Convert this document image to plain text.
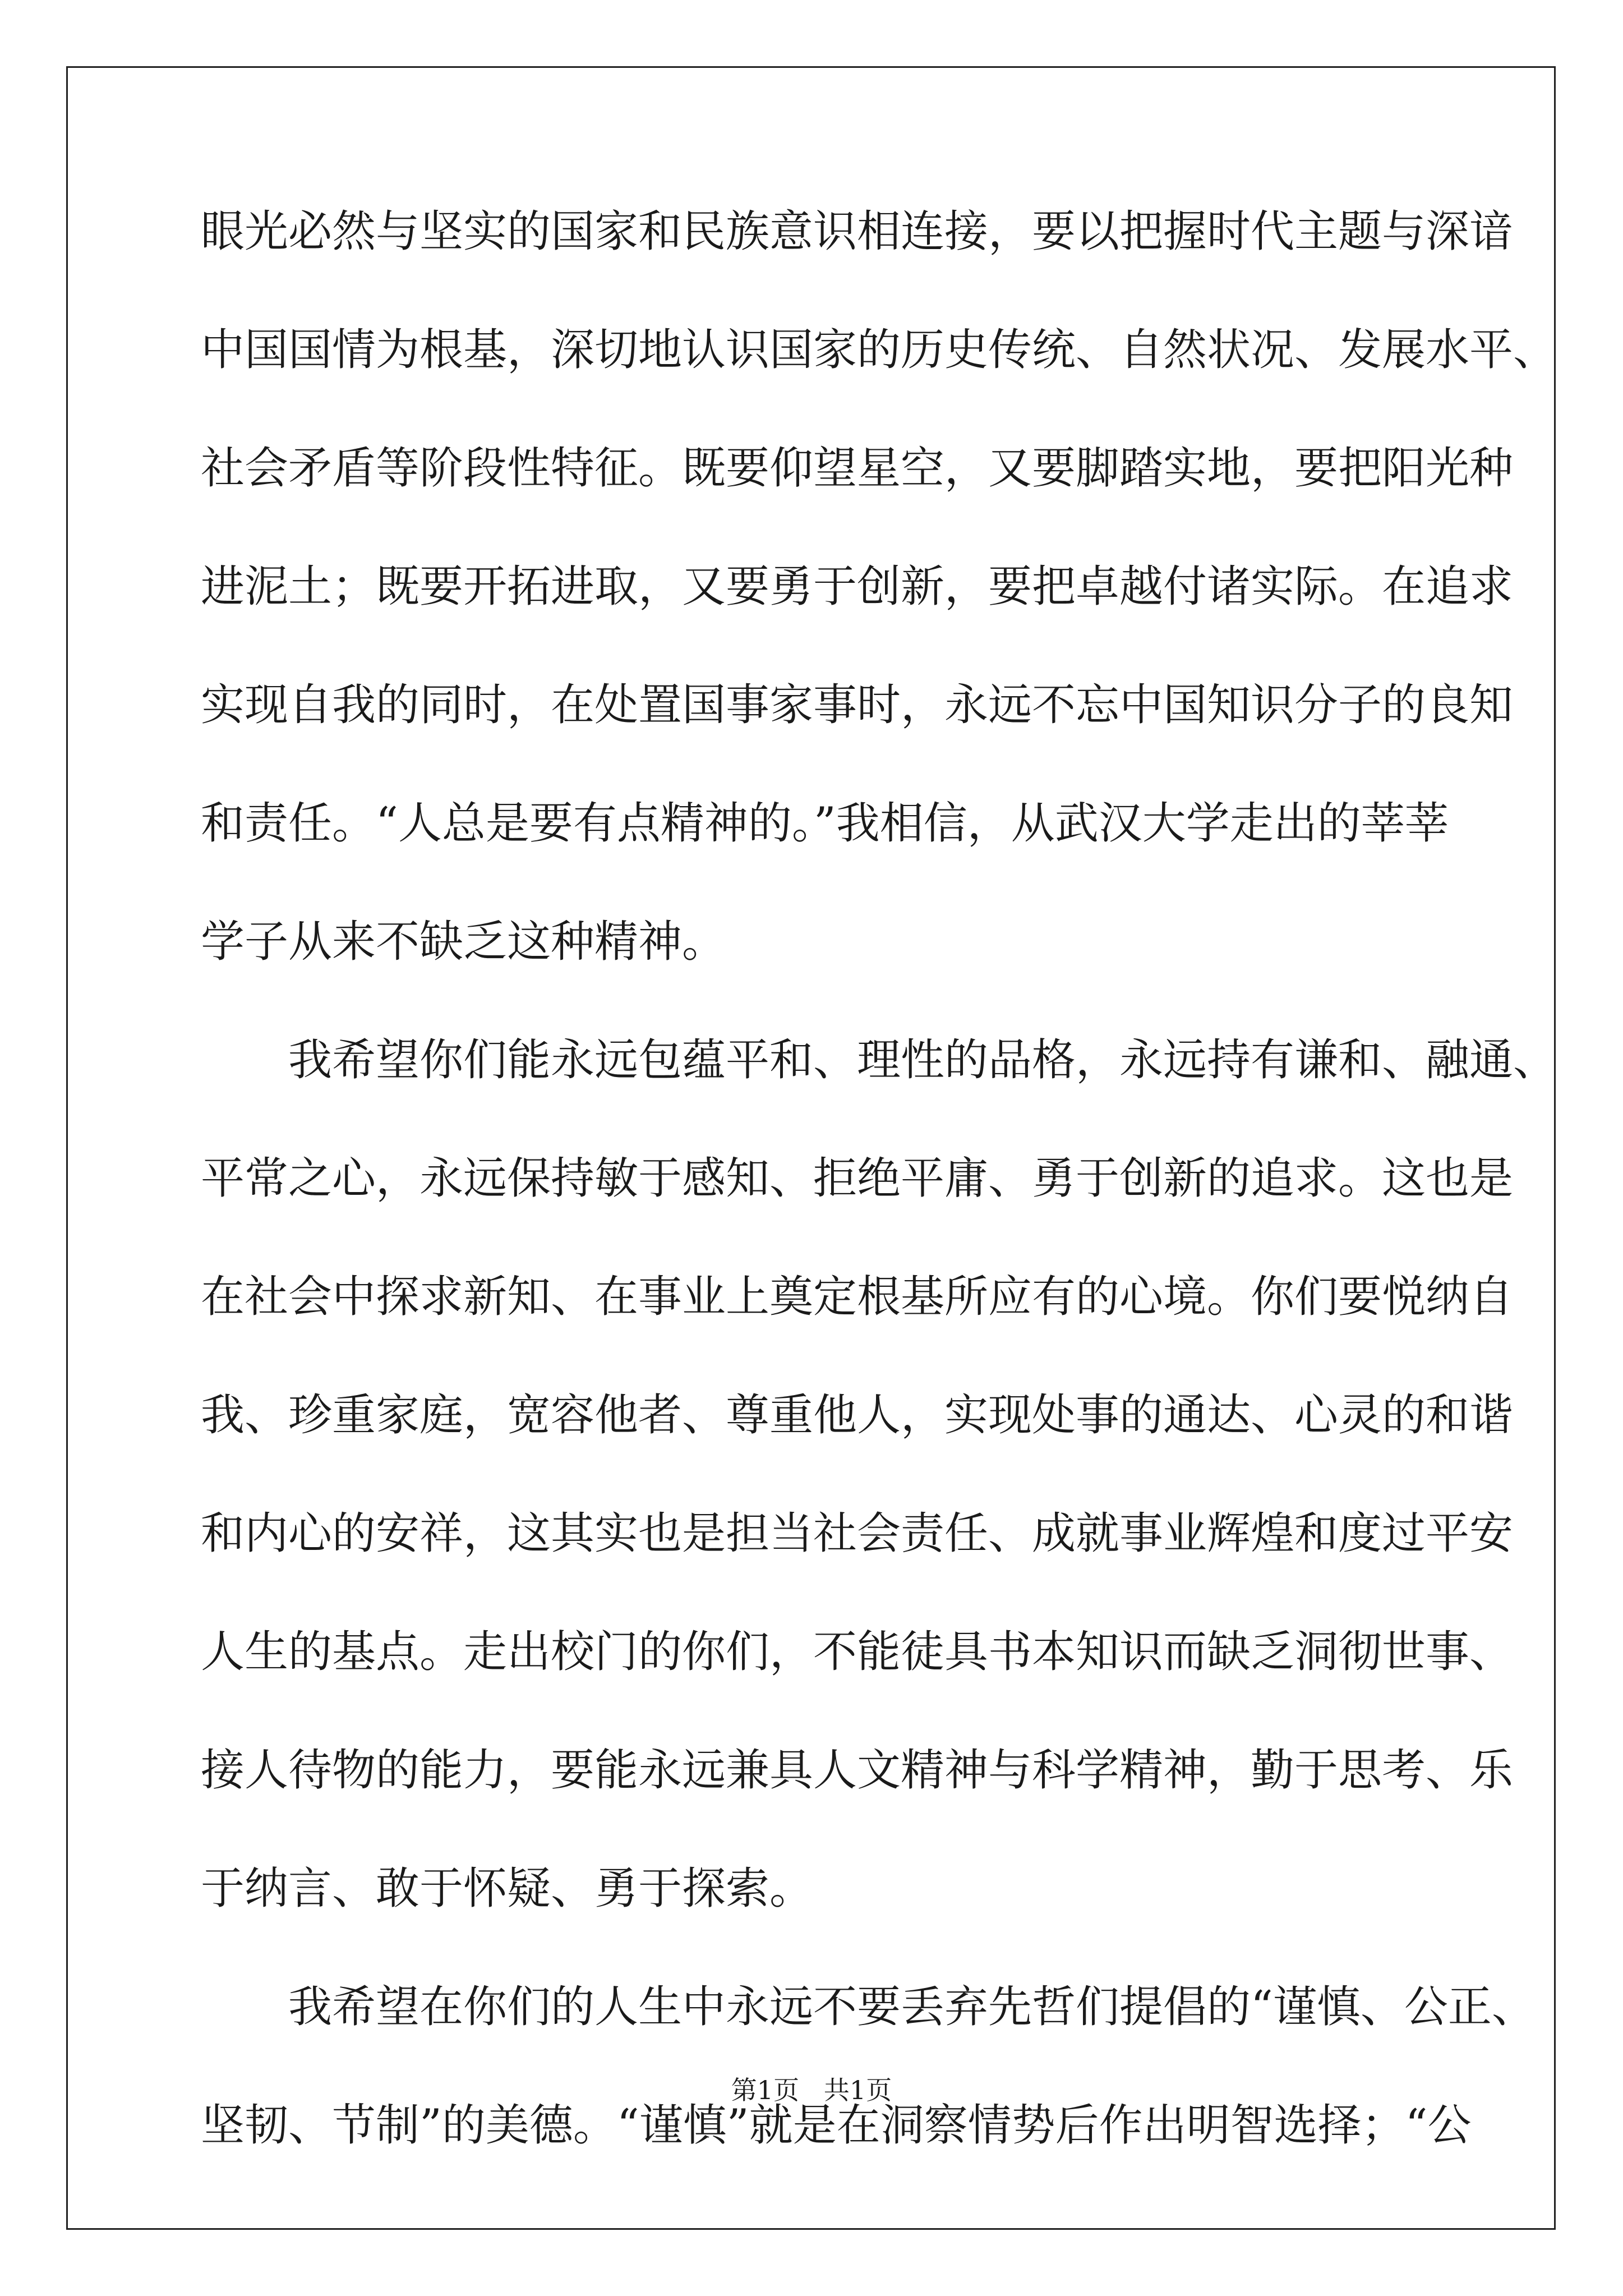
眼光必然与坚实的国家和民族意识相连接，要以把握时代主题与深谙
中国国情为根基，深切地认识国家的历史传统、自然状况、发展水平、
社会矛盾等阶段性特征。既要仰望星空，又要脚踏实地，要把阳光种
进泥土；既要开拓进取，又要勇于创新，要把卓越付诸实际。在追求
实现自我的同时，在处置国事家事时，永远不忘中国知识分子的良知
和责任。“人总是要有点精神的。”我相信，从武汉大学走出的莘莘
学子从来不缺乏这种精神。
我希望你们能永远包蕴平和、理性的品格，永远持有谦和、融通、
平常之心，永远保持敏于感知、拒绝平庸、勇于创新的追求。这也是
在社会中探求新知、在事业上奠定根基所应有的心境。你们要悦纳自
我、珍重家庭，宽容他者、尊重他人，实现处事的通达、心灵的和谐
和内心的安祥，这其实也是担当社会责任、成就事业辉煌和度过平安
人生的基点。走出校门的你们，不能徒具书本知识而缺乏洞彻世事、
接人待物的能力，要能永远兼具人文精神与科学精神，勤于思考、乐
于纳言、敢于怀疑、勇于探索。
我希望在你们的人生中永远不要丢弃先哲们提倡的“谨慎、公正、
坚韧、节制”的美德。“谨慎”就是在洞察情势后作出明智选择；“公
第1页   共1页
